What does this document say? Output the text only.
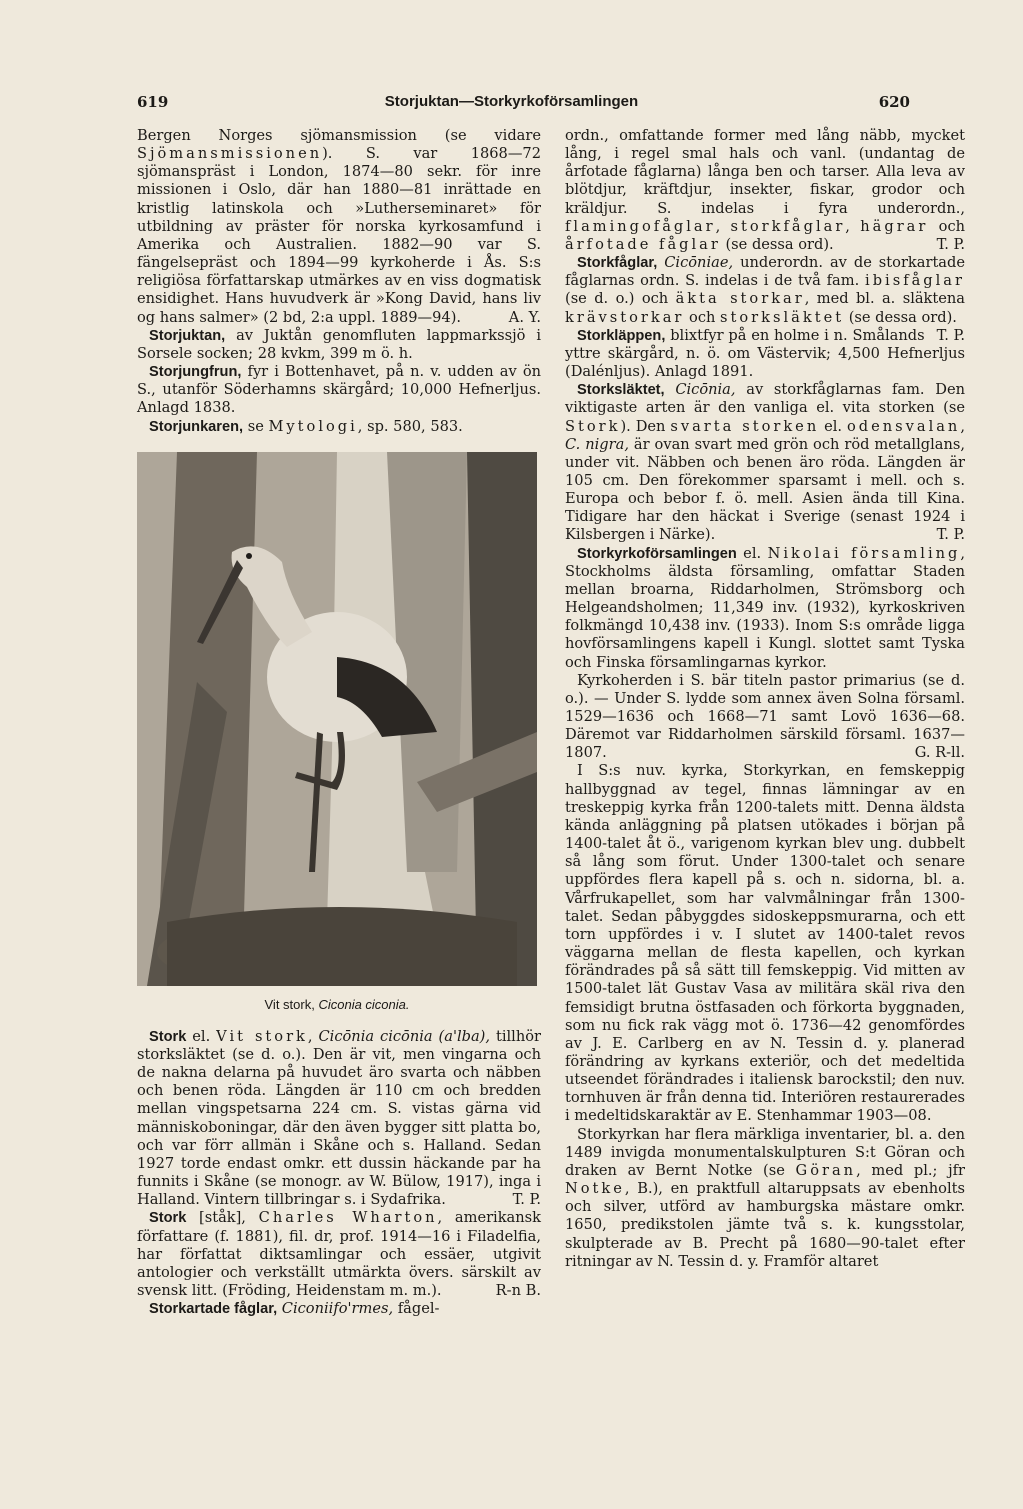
619	Storjuktan—Storkyrkoförsamlingen	620

Bergen Norges sjömansmission (se vidare Sjömansmissionen). S. var 1868—72 sjömanspräst i London, 1874—80 sekr. för inre missionen i Oslo, där han 1880—81 inrättade en kristlig latinskola och »Lutherseminaret» för utbildning av präster för norska kyrkosamfund i Amerika och Australien. 1882—90 var S. fängelsepräst och 1894—99 kyrkoherde i Ås. S:s religiösa författarskap utmärkes av en viss dogmatisk ensidighet. Hans huvudverk är »Kong David, hans liv og hans salmer» (2 bd, 2:a uppl. 1889—94).	A. Y.

Storjuktan, av Juktån genomfluten lappmarkssjö i Sorsele socken; 28 kvkm, 399 m ö. h.

Storjungfrun, fyr i Bottenhavet, på n. v. udden av ön S., utanför Söderhamns skärgård; 10,000 Hefnerljus. Anlagd 1838.

Storjunkaren, se Mytologi, sp. 580, 583.

Vit stork, Ciconia ciconia.

Stork el. Vit stork, Cicōnia cicōnia (a'lba), tillhör storksläktet (se d. o.). Den är vit, men vingarna och de nakna delarna på huvudet äro svarta och näbben och benen röda. Längden är 110 cm och bredden mellan vingspetsarna 224 cm. S. vistas gärna vid människoboningar, där den även bygger sitt platta bo, och var förr allmän i Skåne och s. Halland. Sedan 1927 torde endast omkr. ett dussin häckande par ha funnits i Skåne (se monogr. av W. Bülow, 1917), inga i Halland. Vintern tillbringar s. i Sydafrika.	T. P.

Stork [ståk], Charles Wharton, amerikansk författare (f. 1881), fil. dr, prof. 1914—16 i Filadelfia, har författat diktsamlingar och essäer, utgivit antologier och verkställt utmärkta övers. särskilt av svensk litt. (Fröding, Heidenstam m. m.).	R-n B.

Storkartade fåglar, Ciconiifo'rmes, fågel-

ordn., omfattande former med lång näbb, mycket lång, i regel smal hals och vanl. (undantag de årfotade fåglarna) långa ben och tarser. Alla leva av blötdjur, kräftdjur, insekter, fiskar, grodor och kräldjur. S. indelas i fyra underordn., flamingofåglar, storkfåglar, hägrar och årfotade fåglar (se dessa ord).	T. P.

Storkfåglar, Cicōniae, underordn. av de storkartade fåglarnas ordn. S. indelas i de två fam. ibisfåglar (se d. o.) och äkta storkar, med bl. a. släktena krävstorkar och storksläktet (se dessa ord).
T. P.

Storkläppen, blixtfyr på en holme i n. Smålands yttre skärgård, n. ö. om Västervik; 4,500 Hefnerljus (Dalénljus). Anlagd 1891.

Storksläktet, Cicōnia, av storkfåglarnas fam. Den viktigaste arten är den vanliga el. vita storken (se Stork). Den svarta storken el. odensvalan, C. nigra, är ovan svart med grön och röd metallglans, under vit. Näbben och benen äro röda. Längden är 105 cm. Den förekommer sparsamt i mell. och s. Europa och bebor f. ö. mell. Asien ända till Kina. Tidigare har den häckat i Sverige (senast 1924 i Kilsbergen i Närke).	T. P.

Storkyrkoförsamlingen el. Nikolai församling, Stockholms äldsta församling, omfattar Staden mellan broarna, Riddarholmen, Strömsborg och Helgeandsholmen; 11,349 inv. (1932), kyrkoskriven folkmängd 10,438 inv. (1933). Inom S:s område ligga hovförsamlingens kapell i Kungl. slottet samt Tyska och Finska församlingarnas kyrkor.

Kyrkoherden i S. bär titeln pastor primarius (se d. o.). — Under S. lydde som annex även Solna församl. 1529—1636 och 1668—71 samt Lovö 1636—68. Däremot var Riddarholmen särskild församl. 1637—1807.	G. R-ll.

I S:s nuv. kyrka, Storkyrkan, en femskeppig hallbyggnad av tegel, finnas lämningar av en treskeppig kyrka från 1200-talets mitt. Denna äldsta kända anläggning på platsen utökades i början på 1400-talet åt ö., varigenom kyrkan blev ung. dubbelt så lång som förut. Under 1300-talet och senare uppfördes flera kapell på s. och n. sidorna, bl. a. Vårfrukapellet, som har valvmålningar från 1300-talet. Sedan påbyggdes sidoskeppsmurarna, och ett torn uppfördes i v. I slutet av 1400-talet revos väggarna mellan de flesta kapellen, och kyrkan förändrades på så sätt till femskeppig. Vid mitten av 1500-talet lät Gustav Vasa av militära skäl riva den femsidigt brutna östfasaden och förkorta byggnaden, som nu fick rak vägg mot ö. 1736—42 genomfördes av J. E. Carlberg en av N. Tessin d. y. planerad förändring av kyrkans exteriör, och det medeltida utseendet förändrades i italiensk barockstil; den nuv. tornhuven är från denna tid. Interiören restaurerades i medeltidskaraktär av E. Stenhammar 1903—08.

Storkyrkan har flera märkliga inventarier, bl. a. den 1489 invigda monumentalskulpturen S:t Göran och draken av Bernt Notke (se Göran, med pl.; jfr Notke, B.), en praktfull altaruppsats av ebenholts och silver, utförd av hamburgska mästare omkr. 1650, predikstolen jämte två s. k. kungsstolar, skulpterade av B. Precht på 1680—90-talet efter ritningar av N. Tessin d. y. Framför altaret
